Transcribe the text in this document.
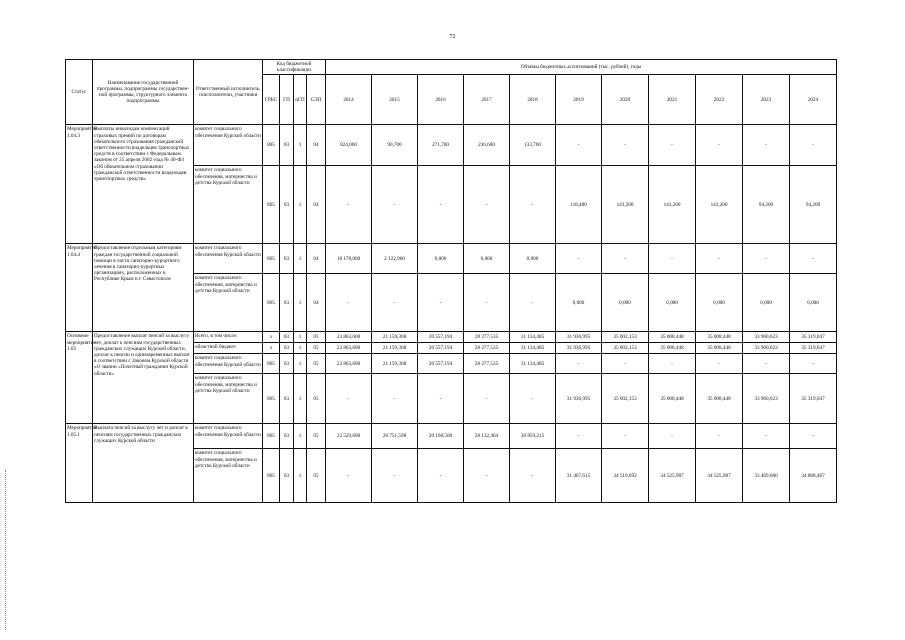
72
Статус	Наименование государственной программы, подпрограммы государствен-ной программы, структурного элемента подпрограммы	Ответственный исполнитель, соисполнители, участники	Код бюджетной классификации				Объемы бюджетных ассигнований (тыс. рублей), годы										
			ГРБС	ГП	пГП	СЭП	2014	2015	2016	2017	2018	2019	2020	2021	2022	2023	2024
Мероприятие 1.04.3	Выплаты инвалидам компенсаций страховых премий по договорам обязательного страхования гражданской ответственности владельцев транспортных средств в соответствии с Федеральным законом от 25 апреля 2002 года № 40-ФЗ «Об обязательном страховании гражданской ответственности владельцев транспортных средств»	комитет социального обеспечения Курской области	805	03	1	04	824,000	90,700	271,700	236,600	133,700	-	-	-	-	-	-
		комитет социального обеспечения, материнства и детства Курской области	805	03	1	04	-	-	-	-	-	118,400	143,200	143,200	143,200	94,200	94,200
Мероприятие 1.04.4	Предоставление отдельным категориям граждан государственной социальной помощи в части санаторно-курортного лечения в санаторно-курортных организациях, расположенных в Республике Крым и г. Севастополе	комитет социального обеспечения Курской области	805	03	1	04	18 178,000	2 122,960	0,000	0,000	0,000	-	-	-	-	-	-
		комитет социального обеспечения, материнства и детства Курской области	805	03	1	04	-	-	-	-	-	0,000	0,000	0,000	0,000	0,000	0,000
Основное мероприятие 1.05	Предоставление выплат пенсий за выслугу лет, доплат к пенсиям государственных гражданских служащих Курской области, доплат к пенсии и единовременных выплат в соответствии с Законом Курской области «О звании «Почетный гражданин Курской области»	Всего, в том числе:	х	03	1	05	23 863,600	21 159,368	20 557,194	28 277,535	31 134,485	31 936,995	35 002,153	35 008,448	35 008,448	33 960,623	35 319,047
		областной бюджет	х	03	1	05	23 863,600	21 159,368	20 557,194	28 277,535	31 134,485	31 936,995	35 002,153	35 008,448	35 008,448	33 960,623	35 319,047
		комитет социального обеспечения Курской области	805	03	1	05	23 863,600	21 159,368	20 557,194	28 277,535	31 134,485	-	-	-	-	-	-
		комитет социального обеспечения, материнства и детства Курской области	805	03	1	05	-	-	-	-	-	31 936,995	35 002,153	35 008,448	35 008,448	33 960,623	35 319,047
Мероприятие 1.05.1	Выплата пенсий за выслугу лет и доплат к пенсиям государственных гражданских служащих Курской области	комитет социального обеспечения Курской области	805	03	1	05	23 529,600	20 751,598	20 168,500	28 132,464	30 859,215	-	-	-	-	-	-
		комитет социального обеспечения, материнства и детства Курской области	805	03	1	05	-	-	-	-	-	31 467,615	34 519,692	34 525,987	34 525,987	33 469,680	34 808,467
